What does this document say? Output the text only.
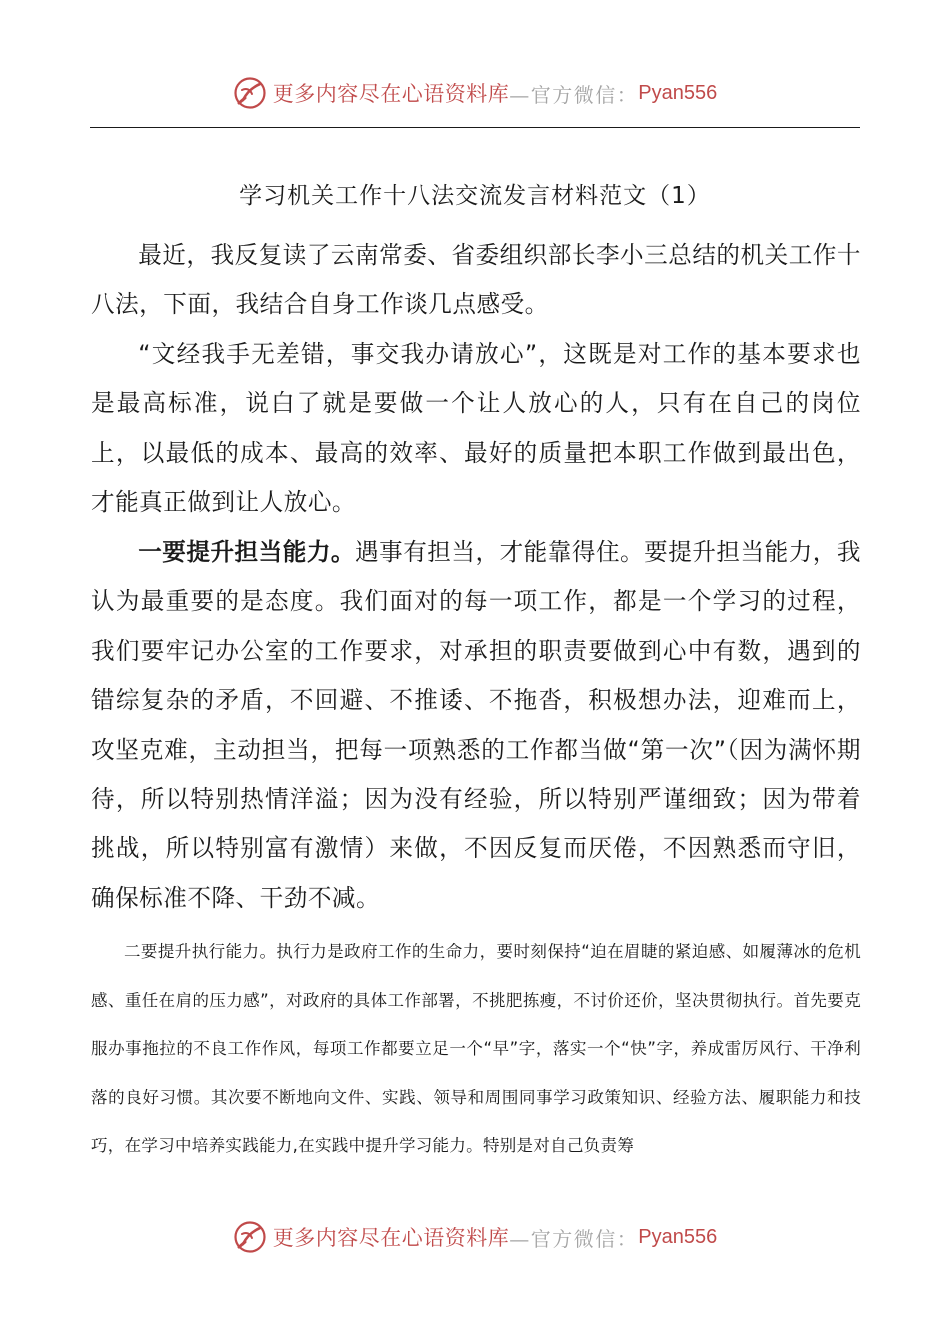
更多内容尽在心语资料库 —官方微信： Pyan556
学习机关工作十八法交流发言材料范文（1）

最近，我反复读了云南常委、省委组织部长李小三总结的机关工作十八法，下面，我结合自身工作谈几点感受。

“文经我手无差错，事交我办请放心”，这既是对工作的基本要求也是最高标准，说白了就是要做一个让人放心的人，只有在自己的岗位上，以最低的成本、最高的效率、最好的质量把本职工作做到最出色，才能真正做到让人放心。

一要提升担当能力。遇事有担当，才能靠得住。要提升担当能力，我认为最重要的是态度。我们面对的每一项工作，都是一个学习的过程，我们要牢记办公室的工作要求，对承担的职责要做到心中有数，遇到的错综复杂的矛盾，不回避、不推诿、不拖沓，积极想办法，迎难而上，攻坚克难，主动担当，把每一项熟悉的工作都当做“第一次”（因为满怀期待，所以特别热情洋溢；因为没有经验，所以特别严谨细致；因为带着挑战，所以特别富有激情）来做，不因反复而厌倦，不因熟悉而守旧，确保标准不降、干劲不减。

二要提升执行能力。执行力是政府工作的生命力，要时刻保持“迫在眉睫的紧迫感、如履薄冰的危机感、重任在肩的压力感”，对政府的具体工作部署，不挑肥拣瘦，不讨价还价，坚决贯彻执行。首先要克服办事拖拉的不良工作作风，每项工作都要立足一个“早”字，落实一个“快”字，养成雷厉风行、干净利落的良好习惯。其次要不断地向文件、实践、领导和周围同事学习政策知识、经验方法、履职能力和技巧，在学习中培养实践能力,在实践中提升学习能力。特别是对自己负责筹

更多内容尽在心语资料库 —官方微信： Pyan556
